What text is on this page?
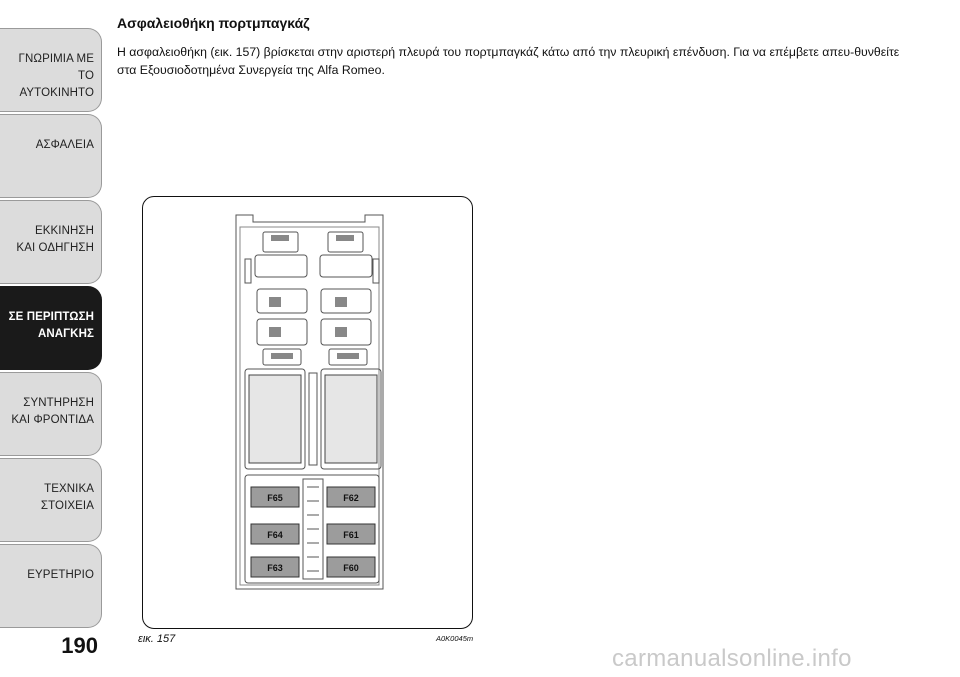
ΓΝΩΡΙΜΙΑ ΜΕ ΤΟ
ΑΥΤΟΚΙΝΗΤΟ
ΑΣΦΑΛΕΙΑ
ΕΚΚΙΝΗΣΗ
ΚΑΙ ΟΔΗΓΗΣΗ
ΣΕ ΠΕΡΙΠΤΩΣΗ
ΑΝΑΓΚΗΣ
ΣΥΝΤΗΡΗΣΗ
ΚΑΙ ΦΡΟΝΤΙΔΑ
ΤΕΧΝΙΚΑ
ΣΤΟΙΧΕΙΑ
ΕΥΡΕΤΗΡΙΟ
190
Ασφαλειοθήκη πορτμπαγκάζ
Η ασφαλειοθήκη (εικ. 157) βρίσκεται στην αριστερή πλευρά του πορτμπαγκάζ κάτω από την πλευρική επένδυση. Για να επέμβετε απευ-θυνθείτε στα Εξουσιοδοτημένα Συνεργεία της Alfa Romeo.
F65
F64
F63
F62
F61
F60
εικ. 157	A0K0045m
carmanualsonline.info
